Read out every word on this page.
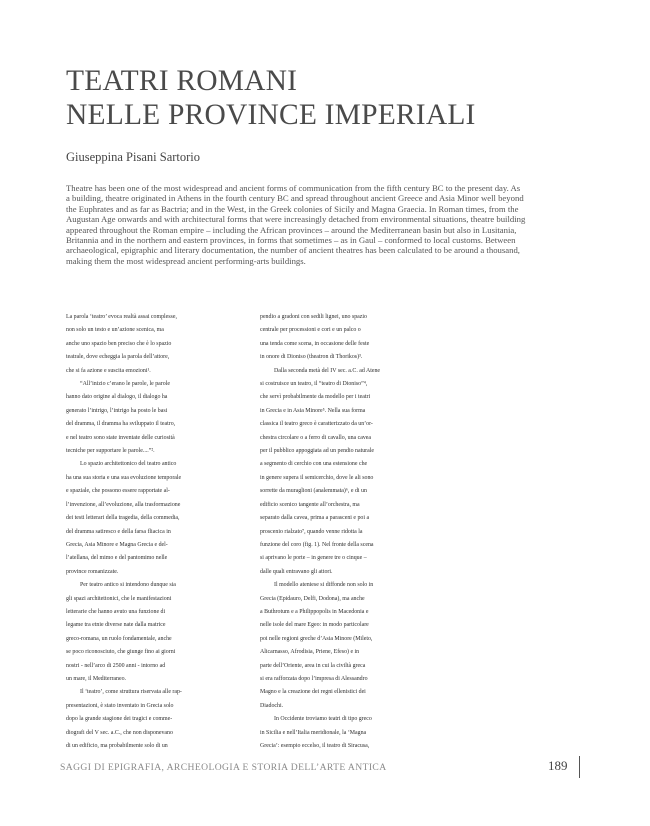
TEATRI ROMANI
NELLE PROVINCE IMPERIALI

Giuseppina Pisani Sartorio

Theatre has been one of the most widespread and ancient forms of communication from the fifth century BC to the present day. As
a building, theatre originated in Athens in the fourth century BC and spread throughout ancient Greece and Asia Minor well beyond
the Euphrates and as far as Bactria; and in the West, in the Greek colonies of Sicily and Magna Graecia. In Roman times, from the
Augustan Age onwards and with architectural forms that were increasingly detached from environmental situations, theatre building
appeared throughout the Roman empire – including the African provinces – around the Mediterranean basin but also in Lusitania,
Britannia and in the northern and eastern provinces, in forms that sometimes – as in Gaul – conformed to local customs. Between
archaeological, epigraphic and literary documentation, the number of ancient theatres has been calculated to be around a thousand,
making them the most widespread ancient performing-arts buildings.
La parola ‘teatro’ evoca realtà assai complesse,
non solo un testo e un’azione scenica, ma
anche uno spazio ben preciso che è lo spazio
teatrale, dove echeggia la parola dell’attore,
che si fa azione e suscita emozioni¹.
“All’inizio c’erano le parole, le parole
hanno dato origine al dialogo, il dialogo ha
generato l’intrigo, l’intrigo ha posto le basi
del dramma, il dramma ha sviluppato il teatro,
e nel teatro sono state inventate delle curiosità
tecniche per supportare le parole....”².
Lo spazio architettonico del teatro antico
ha una sua storia e una sua evoluzione temporale
e spaziale, che possono essere rapportate al-
l’invenzione, all’evoluzione, alla trasformazione
dei testi letterari della tragedia, della commedia,
del dramma satiresco e della farsa fliacica in
Grecia, Asia Minore e Magna Grecia e del-
l’atellana, del mimo e del pantomimo nelle
province romanizzate.
Per teatro antico si intendono dunque sia
gli spazi architettonici, che le manifestazioni
letterarie che hanno avuto una funzione di
legame tra etnie diverse nate dalla matrice
greco-romana, un ruolo fondamentale, anche
se poco riconosciuto, che giunge fino ai giorni
nostri - nell’arco di 2500 anni - intorno ad
un mare, il Mediterraneo.
Il ‘teatro’, come struttura riservata alle rap-
presentazioni, è stato inventato in Grecia solo
dopo la grande stagione dei tragici e comme-
diografi del V sec. a.C., che non disponevano
di un edificio, ma probabilmente solo di un
pendio a gradoni con sedili lignei, uno spazio
centrale per processioni e cori e un palco o
una tenda come scena, in occasione delle feste
in onore di Dioniso (theatron di Thorikos)³.
Dalla seconda metà del IV sec. a.C. ad Atene
si costruisce un teatro, il “teatro di Dioniso”⁴,
che servì probabilmente da modello per i teatri
in Grecia e in Asia Minore⁵. Nella sua forma
classica il teatro greco è caratterizzato da un’or-
chestra circolare o a ferro di cavallo, una cavea
per il pubblico appoggiata ad un pendio naturale
a segmento di cerchio con una estensione che
in genere supera il semicerchio, dove le ali sono
sorrette da muraglioni (analemmata)⁶, e di un
edificio scenico tangente all’orchestra, ma
separato dalla cavea, prima a parasceni e poi a
proscenio rialzato⁷, quando venne ridotta la
funzione del coro (fig. 1). Nel fronte della scena
si aprivano le porte – in genere tre o cinque –
dalle quali entravano gli attori.
Il modello ateniese si diffonde non solo in
Grecia (Epidauro, Delfi, Dodona), ma anche
a Buthrotum e a Philippopolis in Macedonia e
nelle isole del mare Egeo: in modo particolare
poi nelle regioni greche d’Asia Minore (Mileto,
Alicarnasso, Afrodisia, Priene, Efeso) e in
parte dell’Oriente, area in cui la civiltà greca
si era rafforzata dopo l’impresa di Alessandro
Magno e la creazione dei regni ellenistici dei
Diadochi.
In Occidente troviamo teatri di tipo greco
in Sicilia e nell’Italia meridionale, la ‘Magna
Grecia’: esempio eccelso, il teatro di Siracusa,

SAGGI DI EPIGRAFIA, ARCHEOLOGIA E STORIA DELL’ARTE ANTICA	189
